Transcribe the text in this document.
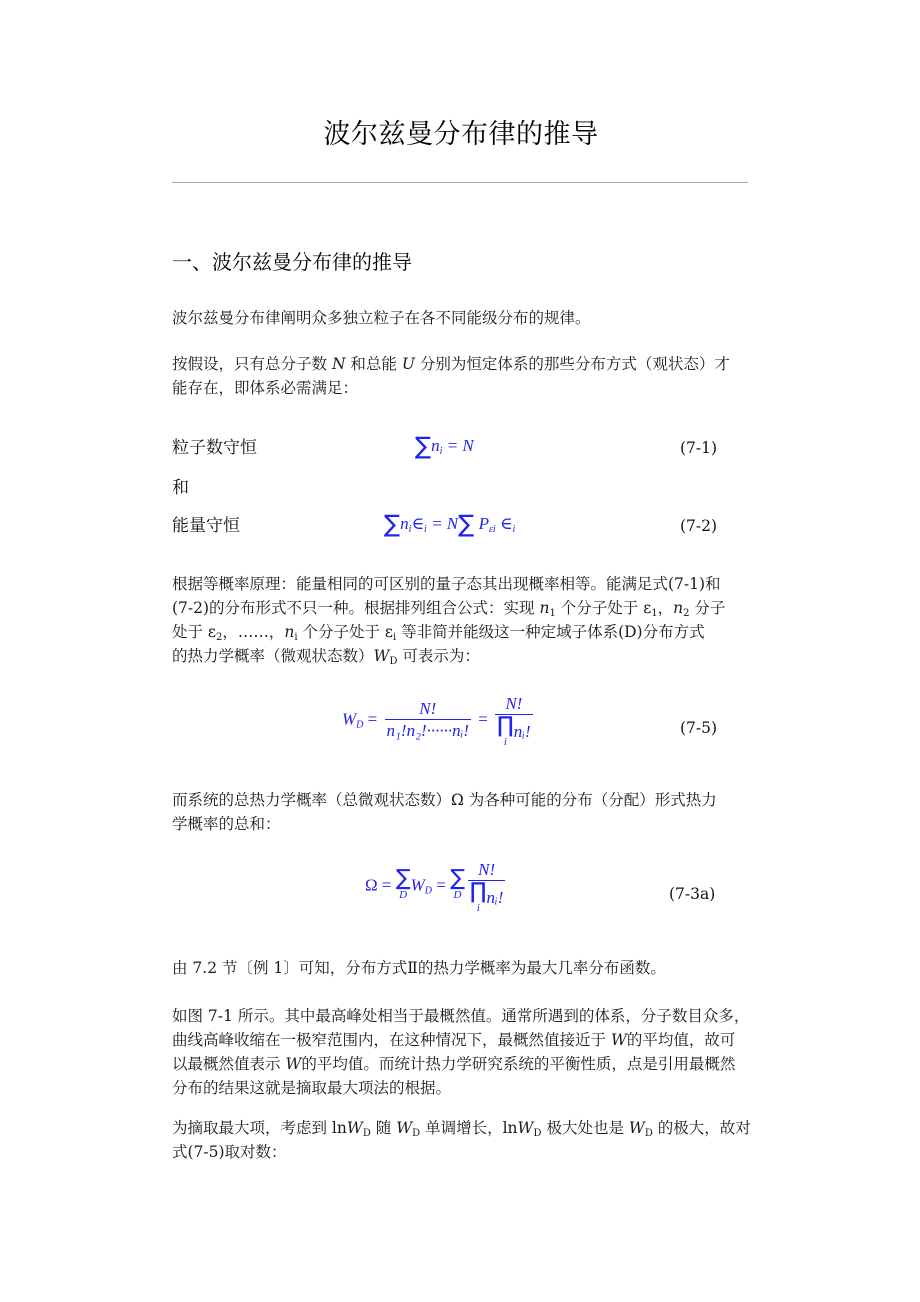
波尔兹曼分布律的推导
一、波尔兹曼分布律的推导
波尔兹曼分布律阐明众多独立粒子在各不同能级分布的规律。
按假设，只有总分子数 N 和总能 U 分别为恒定体系的那些分布方式（观状态）才
能存在，即体系必需满足：
粒子数守恒	$\sum n_i = N$	(7-1)
和
能量守恒	$\sum n_i\in_i = N\sum$ $P_{\varepsilon i}$ $\in_i$	(7-2)
根据等概率原理：能量相同的可区别的量子态其出现概率相等。能满足式(7-1)和
(7-2)的分布形式不只一种。根据排列组合公式：实现 $n_1$ 个分子处于 $\varepsilon_1$，$n_2$ 分子
处于 $\varepsilon_2$，……，$n_i$ 个分子处于 $\varepsilon_i$ 等非简并能级这一种定域子体系(D)分布方式
的热力学概率（微观状态数）$W_D$ 可表示为：
$W_D = \frac{N!}{\text{n₁!n₂!······nᵢ!}} = N$!
∏
i
nᵢ!	(7-5)
而系统的总热力学概率（总微观状态数）Ω 为各种可能的分布（分配）形式热力
学概率的总和：
Ω = ∑
D
$W_D$ = ∑
D N!
∏
i
nᵢ!	(7-3a)
由 7.2 节〔例 1〕可知，分布方式Ⅱ的热力学概率为最大几率分布函数。
如图 7-1 所示。其中最高峰处相当于最概然值。通常所遇到的体系，分子数目众多，
曲线高峰收缩在一极窄范围内，在这种情况下，最概然值接近于 W的平均值，故可
以最概然值表示 W的平均值。而统计热力学研究系统的平衡性质，点是引用最概然
分布的结果这就是摘取最大项法的根据。
为摘取最大项，考虑到 lnW$_D$ 随 $W_D$ 单调增长，lnW$_D$ 极大处也是 $W_D$ 的极大，故对
式(7-5)取对数：
